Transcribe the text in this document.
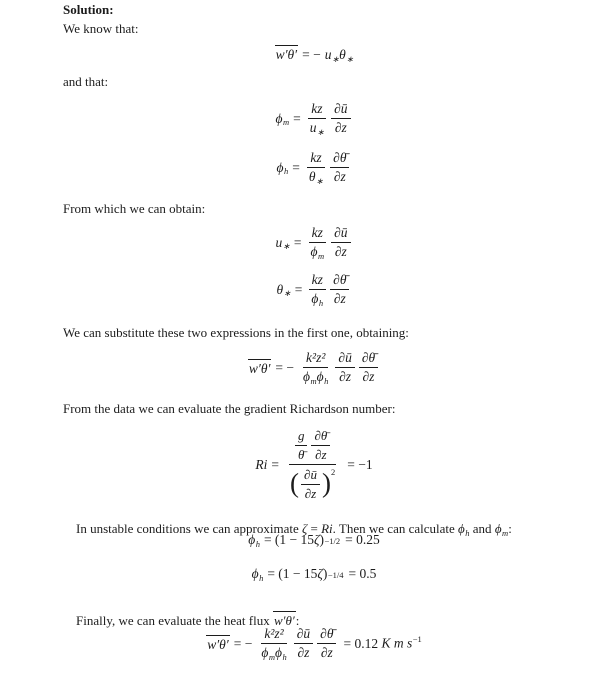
Solution:
We know that:
w′θ′ = − $u_∗$ $\theta_∗$
and that:
$\phi_m = \frac{kz}{u_∗} \frac{\partial ū}{\partial z}$
$\phi_h = \frac{kz}{\theta_∗} \frac{\partial\thetā}{\partial z}$
From which we can obtain:
$u_∗ = \frac{kz}{\phi_m} \frac{\partial ū}{\partial z}$
$\theta_∗ = \frac{kz}{\phi_h} \frac{\partial\thetā}{\partial z}$
We can substitute these two expressions in the first one, obtaining:
w′θ′ = − $\frac{\text{k²z²}}{\phi_m\phi_h} \frac{\partial ū}{\partial z} \frac{\partial\thetā}{\partial z}$
From the data we can evaluate the gradient Richardson number:
Ri =
$\frac{g}{\thetā} \frac{\partial\thetā}{\partial z}$
( $\frac{\partial ū}{\partial z}$ ) 2
= −1

In unstable conditions we can approximate ζ = Ri. Then we can calculate $\phi_h$ and $\phi_m$:

$\phi_h = (1 - 15$ ζ ) −1/2 = 0.25
$\phi_h = (1 - 15$ ζ ) −1/4 = 0.5

Finally, we can evaluate the heat flux w′θ′:

w′θ′ = − $\frac{\text{k²z²}}{\phi_m\phi_h} \frac{\partial ū}{\partial z} \frac{\partial\thetā}{\partial z} = 0.12$ K m $s^{-1}$
